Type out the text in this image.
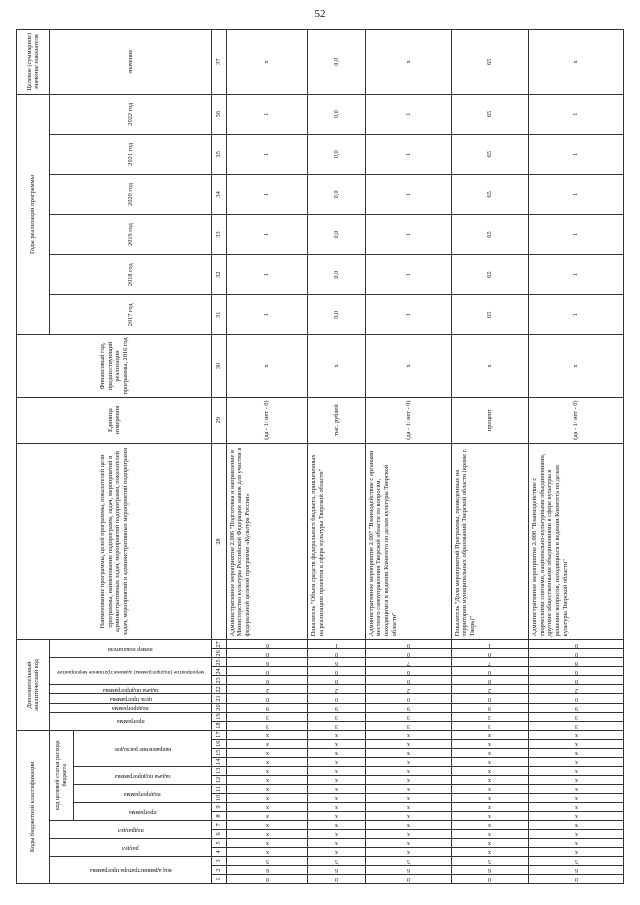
52
Коды бюджетной классификации																	Дополнительный аналитический код										Наименование программы, целей программы, показателей цели программы, наименование подпрограмм, задач, мероприятий и административных задач, мероприятий подпрограмм, показателей задач, мероприятий и административных мероприятий подпрограмм	Единица измерения	Финансовый год, предшествующий реализации программы, 2016 год	Годы реализации программы						Целевое (суммарное) значение показателя

код администратора программы			раздел		подраздел		код целевой статьи расхода бюджета										программа		подпрограмма	цель программы	задача подпрограммы	мероприятие (подпрограммы) административное мероприятие			номер показателя					2017 год	2018 год	2019 год	2020 год	2021 год	2022 год	значение

							программа		подпрограмма		задача подпрограммы		направление расходов																							

1	2	3	4	5	6	7	8	9	10	11	12	13	14	15	16	17	18	19	20	21	22	23	24	25	26	27	28	29	30	31	32	33	34	35	36	37

0	6	5	x	x	x	x	x	x	x	x	x	x	x	x	x	x	3	3	9	0	2	0	0	6	0	0	Административное мероприятие 2.006 "Подготовка и направление в Министерство культуры Российской Федерации заявок для участия в федеральной целевой программе «Культура России»	(да - 1/ нет - 0)	х	1	1	1	1	1	1	х

0	6	5	x	x	x	x	x	x	x	x	x	x	x	x	x	x	3	3	9	0	2	0	0	6	0	1	Показатель "Объем средств федерального бюджета, привлеченных на реализацию проектов в сфере культуры Тверской области"	тыс. рублей	х	0,0	0,0	0,0	0,0	0,0	0,0	0,0

0	6	5	x	x	x	x	x	x	x	x	x	x	x	x	x	x	3	3	9	0	2	0	0	7	0	0	Административное мероприятие 2.007 "Взаимодействие с органами местного самоуправления Тверской области по вопросам, находящимся в ведении Комитета по делам культуры Тверской области"	(да - 1/ нет - 0)	х	1	1	1	1	1	1	х

0	6	5	x	x	x	x	x	x	x	x	x	x	x	x	x	x	3	3	9	0	2	0	0	7	0	1	Показатель "Доля мероприятий Программы, проведенных на территории муниципальных образований Тверской области (кроме г. Тверь)"	процент	х	65	65	65	65	65	65	65

0	6	5	x	x	x	x	x	x	x	x	x	x	x	x	x	x	3	3	9	0	2	0	0	8	0	0	Административное мероприятие 2.008 "Взаимодействие с творческими союзами, национально-культурными объединениями, другими общественными объединениями в сфере культуры в решении вопросов, находящихся в ведении Комитета по делам культуры Тверской области"	(да - 1/ нет - 0)	х	1	1	1	1	1	1	х
